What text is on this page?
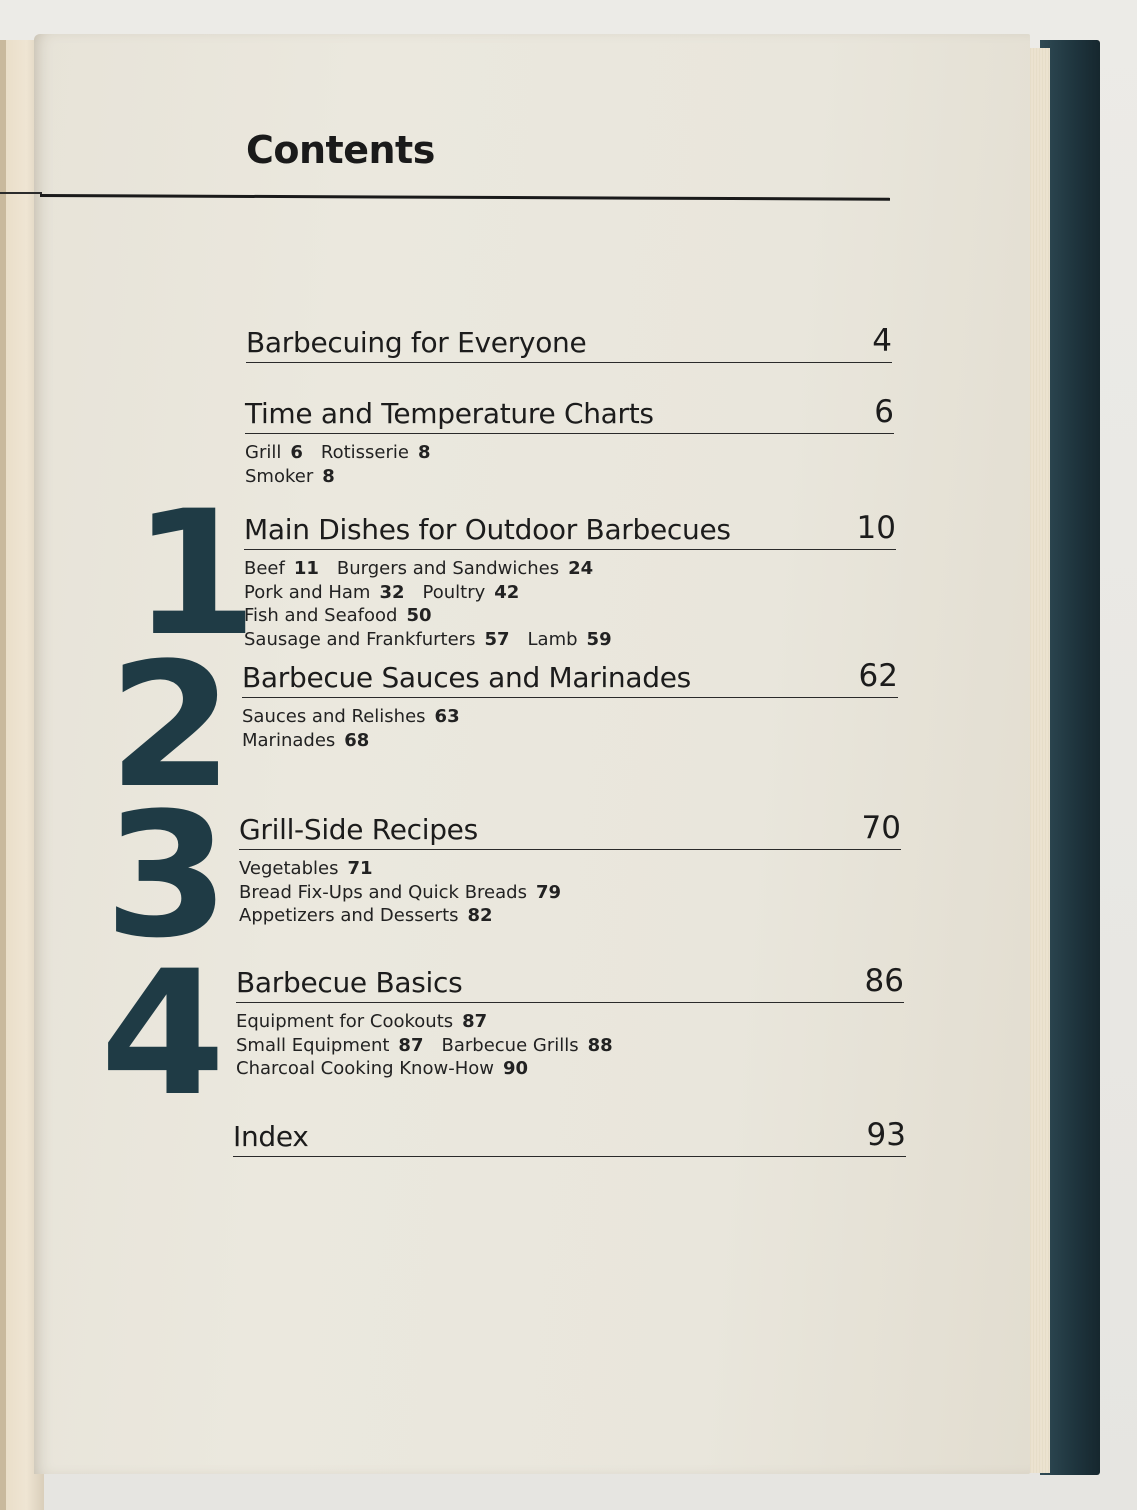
Contents
1
2
3
4
Barbecuing for Everyone	4
Time and Temperature Charts	6
Grill 6 Rotisserie 8
Smoker 8
Main Dishes for Outdoor Barbecues	10
Beef 11 Burgers and Sandwiches 24
Pork and Ham 32 Poultry 42
Fish and Seafood 50
Sausage and Frankfurters 57 Lamb 59
Barbecue Sauces and Marinades	62
Sauces and Relishes 63
Marinades 68
Grill-Side Recipes	70
Vegetables 71
Bread Fix-Ups and Quick Breads 79
Appetizers and Desserts 82
Barbecue Basics	86
Equipment for Cookouts 87
Small Equipment 87 Barbecue Grills 88
Charcoal Cooking Know-How 90
Index	93
